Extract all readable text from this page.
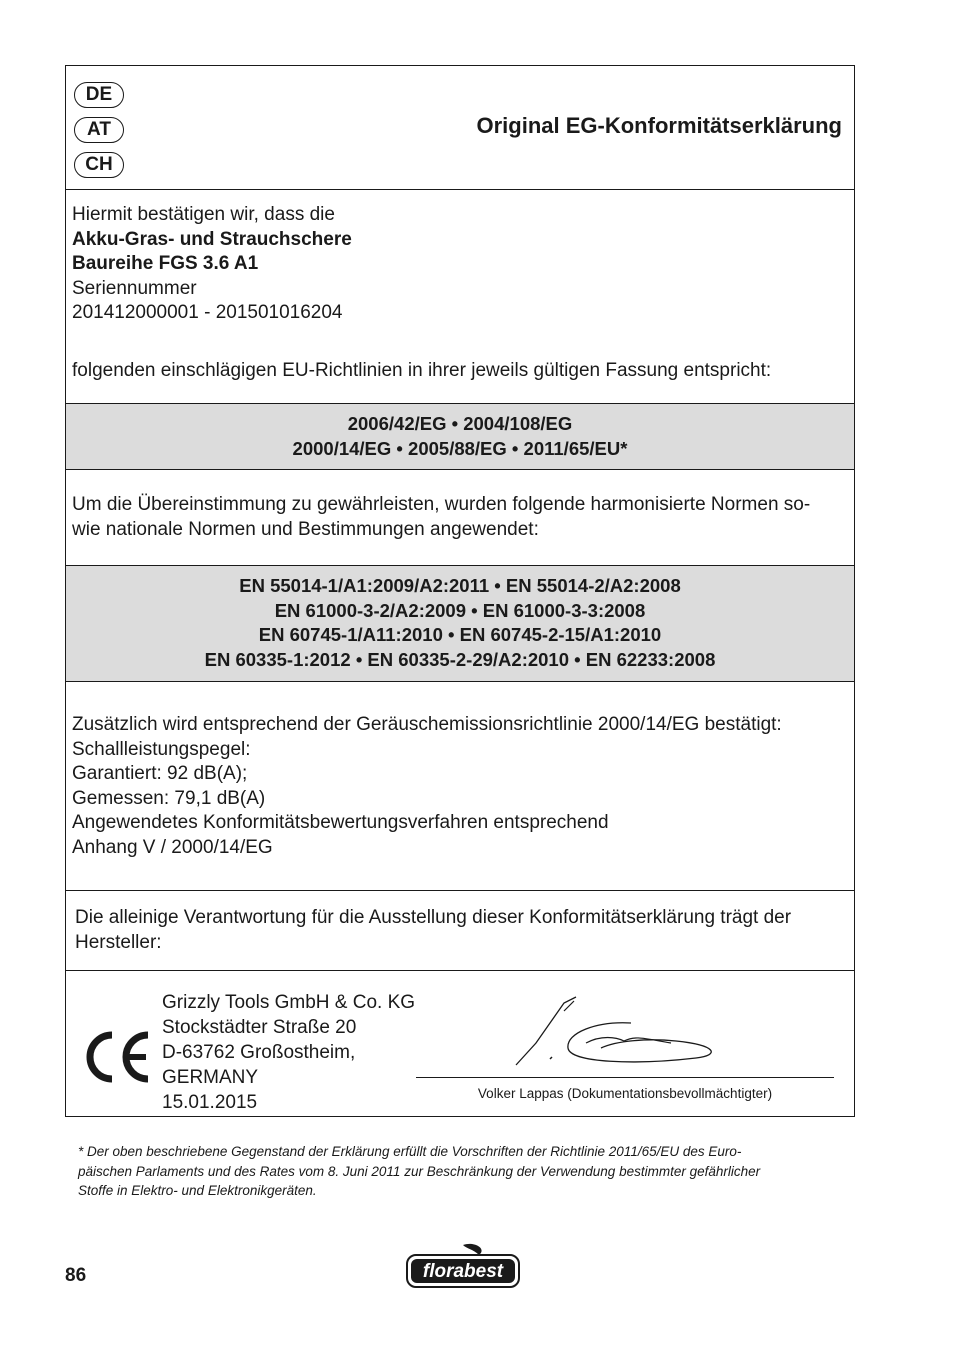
DE
AT
CH
Original EG-Konformitätserklärung
Hiermit bestätigen wir, dass die
Akku-Gras- und Strauchschere
Baureihe FGS 3.6 A1
Seriennummer
201412000001 - 201501016204
folgenden einschlägigen EU-Richtlinien in ihrer jeweils gültigen Fassung entspricht:
2006/42/EG • 2004/108/EG
2000/14/EG • 2005/88/EG • 2011/65/EU*
Um die Übereinstimmung zu gewährleisten, wurden folgende harmonisierte Normen so-
wie nationale Normen und Bestimmungen angewendet:
EN 55014-1/A1:2009/A2:2011 • EN 55014-2/A2:2008
EN 61000-3-2/A2:2009 • EN 61000-3-3:2008
EN 60745-1/A11:2010 • EN 60745-2-15/A1:2010
EN 60335-1:2012 • EN 60335-2-29/A2:2010 • EN 62233:2008
Zusätzlich wird entsprechend der Geräuschemissionsrichtlinie 2000/14/EG bestätigt:
Schallleistungspegel:
Garantiert: 92 dB(A);
Gemessen: 79,1 dB(A)
Angewendetes Konformitätsbewertungsverfahren entsprechend
Anhang V / 2000/14/EG
Die alleinige Verantwortung für die Ausstellung dieser Konformitätserklärung trägt der
Hersteller:
Grizzly Tools GmbH & Co. KG
Stockstädter Straße 20
D-63762 Großostheim,
GERMANY
15.01.2015	Volker Lappas (Dokumentationsbevollmächtigter)
* Der oben beschriebene Gegenstand der Erklärung erfüllt die Vorschriften der Richtlinie 2011/65/EU des Euro-
päischen Parlaments und des Rates vom 8. Juni 2011 zur Beschränkung der Verwendung bestimmter gefährlicher
Stoffe in Elektro- und Elektronikgeräten.
86	florabest
